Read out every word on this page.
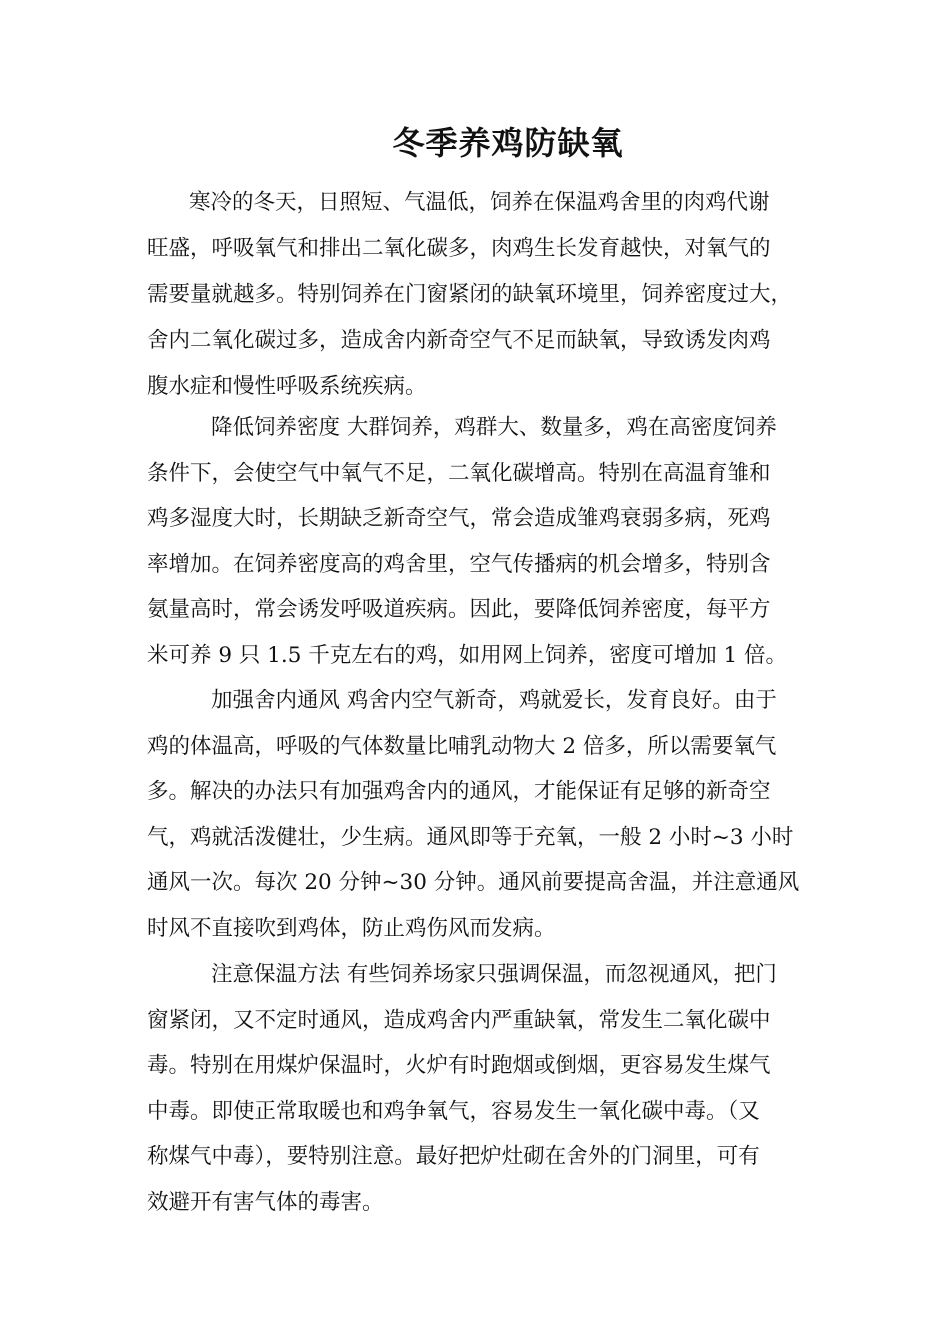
冬季养鸡防缺氧
寒冷的冬天，日照短、气温低，饲养在保温鸡舍里的肉鸡代谢
旺盛，呼吸氧气和排出二氧化碳多，肉鸡生长发育越快，对氧气的
需要量就越多。特别饲养在门窗紧闭的缺氧环境里，饲养密度过大，
舍内二氧化碳过多，造成舍内新奇空气不足而缺氧，导致诱发肉鸡
腹水症和慢性呼吸系统疾病。
降低饲养密度 大群饲养，鸡群大、数量多，鸡在高密度饲养
条件下，会使空气中氧气不足，二氧化碳增高。特别在高温育雏和
鸡多湿度大时，长期缺乏新奇空气，常会造成雏鸡衰弱多病，死鸡
率增加。在饲养密度高的鸡舍里，空气传播病的机会增多，特别含
氨量高时，常会诱发呼吸道疾病。因此，要降低饲养密度，每平方
米可养 9 只 1.5 千克左右的鸡，如用网上饲养，密度可增加 1 倍。
加强舍内通风 鸡舍内空气新奇，鸡就爱长，发育良好。由于
鸡的体温高，呼吸的气体数量比哺乳动物大 2 倍多，所以需要氧气
多。解决的办法只有加强鸡舍内的通风，才能保证有足够的新奇空
气，鸡就活泼健壮，少生病。通风即等于充氧，一般 2 小时~3 小时
通风一次。每次 20 分钟~30 分钟。通风前要提高舍温，并注意通风
时风不直接吹到鸡体，防止鸡伤风而发病。
注意保温方法 有些饲养场家只强调保温，而忽视通风，把门
窗紧闭，又不定时通风，造成鸡舍内严重缺氧，常发生二氧化碳中
毒。特别在用煤炉保温时，火炉有时跑烟或倒烟，更容易发生煤气
中毒。即使正常取暖也和鸡争氧气，容易发生一氧化碳中毒。（又
称煤气中毒），要特别注意。最好把炉灶砌在舍外的门洞里，可有
效避开有害气体的毒害。
